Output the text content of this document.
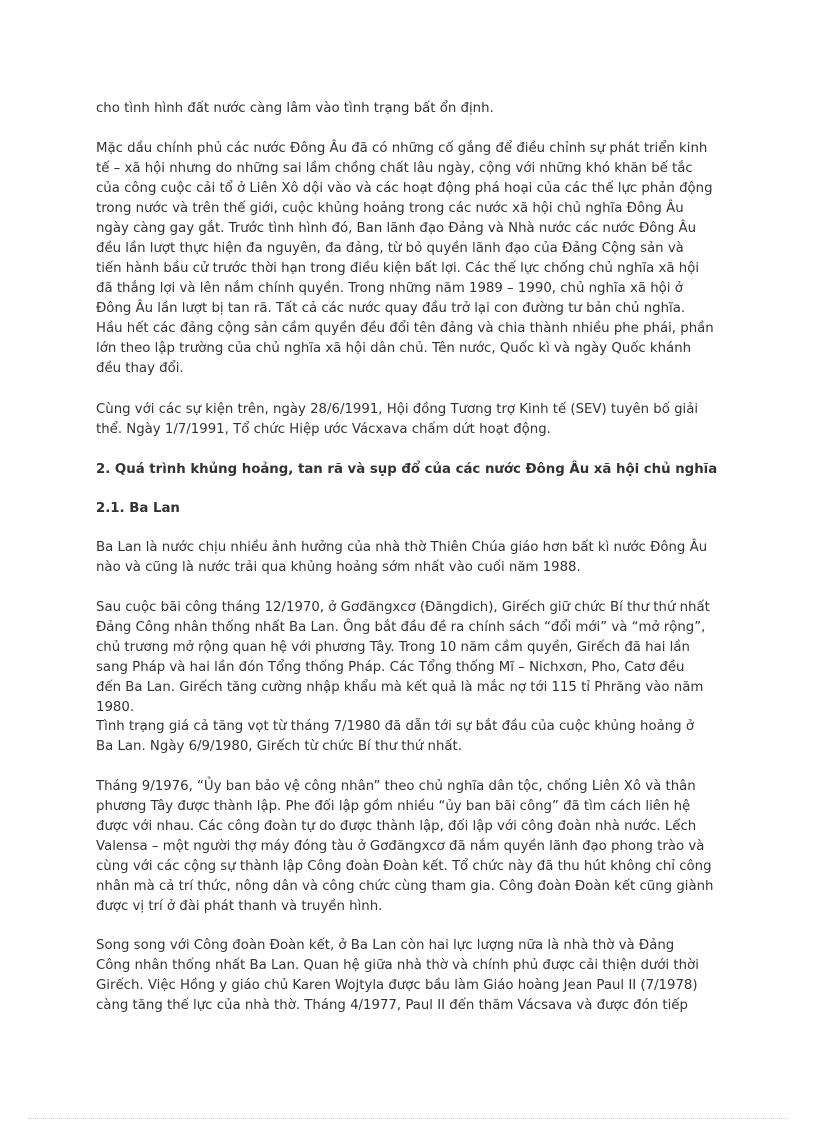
cho tình hình đất nước càng lâm vào tình trạng bất ổn định.

Mặc dầu chính phủ các nước Đông Âu đã có những cố gắng để điều chỉnh sự phát triển kinh
tế – xã hội nhưng do những sai lầm chồng chất lâu ngày, cộng với những khó khăn bế tắc
của công cuộc cải tổ ở Liên Xô dội vào và các hoạt động phá hoại của các thế lực phản động
trong nước và trên thế giới, cuộc khủng hoảng trong các nước xã hội chủ nghĩa Đông Âu
ngày càng gay gắt. Trước tình hình đó, Ban lãnh đạo Đảng và Nhà nước các nước Đông Âu
đều lần lượt thực hiện đa nguyên, đa đảng, từ bỏ quyền lãnh đạo của Đảng Cộng sản và
tiến hành bầu cử trước thời hạn trong điều kiện bất lợi. Các thế lực chống chủ nghĩa xã hội
đã thắng lợi và lên nắm chính quyền. Trong những năm 1989 – 1990, chủ nghĩa xã hội ở
Đông Âu lần lượt bị tan rã. Tất cả các nước quay đầu trở lại con đường tư bản chủ nghĩa.
Hầu hết các đảng cộng sản cầm quyền đều đổi tên đảng và chia thành nhiều phe phái, phần
lớn theo lập trường của chủ nghĩa xã hội dân chủ. Tên nước, Quốc kì và ngày Quốc khánh
đều thay đổi.

Cùng với các sự kiện trên, ngày 28/6/1991, Hội đồng Tương trợ Kinh tế (SEV) tuyên bố giải
thể. Ngày 1/7/1991, Tổ chức Hiệp ước Vácxava chấm dứt hoạt động.

2. Quá trình khủng hoảng, tan rã và sụp đổ của các nước Đông Âu xã hội chủ nghĩa
2.1. Ba Lan

Ba Lan là nước chịu nhiều ảnh hưởng của nhà thờ Thiên Chúa giáo hơn bất kì nước Đông Âu
nào và cũng là nước trải qua khủng hoảng sớm nhất vào cuối năm 1988.

Sau cuộc bãi công tháng 12/1970, ở Gơđăngxcơ (Đăngdich), Girếch giữ chức Bí thư thứ nhất
Đảng Công nhân thống nhất Ba Lan. Ông bắt đầu đề ra chính sách “đổi mới” và “mở rộng”,
chủ trương mở rộng quan hệ với phương Tây. Trong 10 năm cầm quyền, Girếch đã hai lần
sang Pháp và hai lần đón Tổng thống Pháp. Các Tổng thống Mĩ – Nichxơn, Pho, Catơ đều
đến Ba Lan. Girếch tăng cường nhập khẩu mà kết quả là mắc nợ tới 115 tỉ Phrăng vào năm
1980.

Tình trạng giá cả tăng vọt từ tháng 7/1980 đã dẫn tới sự bắt đầu của cuộc khủng hoảng ở
Ba Lan. Ngày 6/9/1980, Girếch từ chức Bí thư thứ nhất.

Tháng 9/1976, “Ủy ban bảo vệ công nhân” theo chủ nghĩa dân tộc, chống Liên Xô và thân
phương Tây được thành lập. Phe đối lập gồm nhiều “ủy ban bãi công” đã tìm cách liên hệ
được với nhau. Các công đoàn tự do được thành lập, đối lập với công đoàn nhà nước. Lếch
Valensa – một người thợ máy đóng tàu ở Gơđăngxcơ đã nắm quyền lãnh đạo phong trào và
cùng với các cộng sự thành lập Công đoàn Đoàn kết. Tổ chức này đã thu hút không chỉ công
nhân mà cả trí thức, nông dân và công chức cùng tham gia. Công đoàn Đoàn kết cũng giành
được vị trí ở đài phát thanh và truyền hình.

Song song với Công đoàn Đoàn kết, ở Ba Lan còn hai lực lượng nữa là nhà thờ và Đảng
Công nhân thống nhất Ba Lan. Quan hệ giữa nhà thờ và chính phủ được cải thiện dưới thời
Girếch. Việc Hồng y giáo chủ Karen Wojtyla được bầu làm Giáo hoàng Jean Paul II (7/1978)
càng tăng thế lực của nhà thờ. Tháng 4/1977, Paul II đến thăm Vácsava và được đón tiếp
